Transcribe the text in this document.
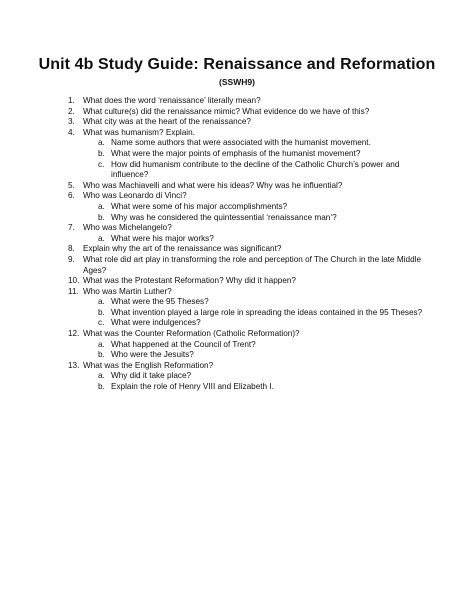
Unit 4b Study Guide: Renaissance and Reformation
(SSWH9)
1. What does the word ‘renaissance’ literally mean?
2. What culture(s) did the renaissance mimic? What evidence do we have of this?
3. What city was at the heart of the renaissance?
4. What was humanism? Explain.
a. Name some authors that were associated with the humanist movement.
b. What were the major points of emphasis of the humanist movement?
c. How did humanism contribute to the decline of the Catholic Church’s power and influence?
5. Who was Machiavelli and what were his ideas? Why was he influential?
6. Who was Leonardo di Vinci?
a. What were some of his major accomplishments?
b. Why was he considered the quintessential ‘renaissance man’?
7. Who was Michelangelo?
a. What were his major works?
8. Explain why the art of the renaissance was significant?
9. What role did art play in transforming the role and perception of The Church in the late Middle Ages?
10. What was the Protestant Reformation? Why did it happen?
11. Who was Martin Luther?
a. What were the 95 Theses?
b. What invention played a large role in spreading the ideas contained in the 95 Theses?
c. What were indulgences?
12. What was the Counter Reformation (Catholic Reformation)?
a. What happened at the Council of Trent?
b. Who were the Jesuits?
13. What was the English Reformation?
a. Why did it take place?
b. Explain the role of Henry VIII and Elizabeth I.
